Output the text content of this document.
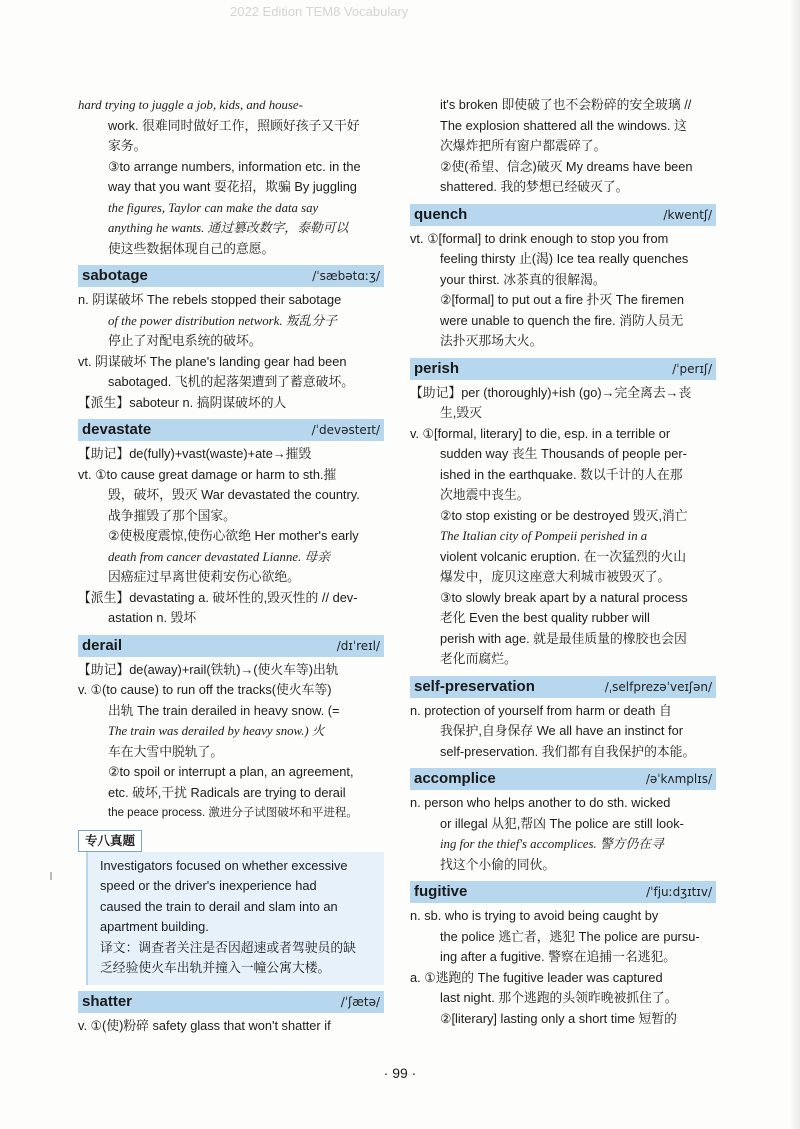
2022 Edition TEM8 Vocabulary
hard trying to juggle a job, kids, and house-
work. 很难同时做好工作，照顾好孩子又干好
家务。
③to arrange numbers, information etc. in the
way that you want 耍花招，欺骗 By juggling
the figures, Taylor can make the data say
anything he wants. 通过篡改数字，泰勒可以
使这些数据体现自己的意愿。
sabotage	/ˈsæbətɑːʒ/
n. 阴谋破坏 The rebels stopped their sabotage
of the power distribution network. 叛乱分子
停止了对配电系统的破坏。
vt. 阴谋破坏 The plane's landing gear had been
sabotaged. 飞机的起落架遭到了蓄意破坏。
【派生】saboteur n. 搞阴谋破坏的人
devastate	/ˈdevəsteɪt/
【助记】de(fully)+vast(waste)+ate→摧毁
vt. ①to cause great damage or harm to sth.摧
毁，破坏，毁灭 War devastated the country.
战争摧毁了那个国家。
②使极度震惊,使伤心欲绝 Her mother's early
death from cancer devastated Lianne. 母亲
因癌症过早离世使莉安伤心欲绝。
【派生】devastating a. 破坏性的,毁灭性的 // dev-
astation n. 毁坏
derail	/dɪˈreɪl/
【助记】de(away)+rail(铁轨)→(使火车等)出轨
v. ①(to cause) to run off the tracks(使火车等)
出轨 The train derailed in heavy snow. (=
The train was derailed by heavy snow.) 火
车在大雪中脱轨了。
②to spoil or interrupt a plan, an agreement,
etc. 破坏,干扰 Radicals are trying to derail
the peace process. 激进分子试图破坏和平进程。
专八真题
Investigators focused on whether excessive
speed or the driver's inexperience had
caused the train to derail and slam into an
apartment building.
译文：调查者关注是否因超速或者驾驶员的缺
乏经验使火车出轨并撞入一幢公寓大楼。
shatter	/ˈʃætə/
v. ①(使)粉碎 safety glass that won't shatter if
it's broken 即使破了也不会粉碎的安全玻璃 //
The explosion shattered all the windows. 这
次爆炸把所有窗户都震碎了。
②使(希望、信念)破灭 My dreams have been
shattered. 我的梦想已经破灭了。
quench	/kwentʃ/
vt. ①[formal] to drink enough to stop you from
feeling thirsty 止(渴) Ice tea really quenches
your thirst. 冰茶真的很解渴。
②[formal] to put out a fire 扑灭 The firemen
were unable to quench the fire. 消防人员无
法扑灭那场大火。
perish	/ˈperɪʃ/
【助记】per (thoroughly)+ish (go)→完全离去→丧
生,毁灭
v. ①[formal, literary] to die, esp. in a terrible or
sudden way 丧生 Thousands of people per-
ished in the earthquake. 数以千计的人在那
次地震中丧生。
②to stop existing or be destroyed 毁灭,消亡
The Italian city of Pompeii perished in a
violent volcanic eruption. 在一次猛烈的火山
爆发中，庞贝这座意大利城市被毁灭了。
③to slowly break apart by a natural process
老化 Even the best quality rubber will
perish with age. 就是最佳质量的橡胶也会因
老化而腐烂。
self-preservation	/ˌselfprezəˈveɪʃən/
n. protection of yourself from harm or death 自
我保护,自身保存 We all have an instinct for
self-preservation. 我们都有自我保护的本能。
accomplice	/əˈkʌmplɪs/
n. person who helps another to do sth. wicked
or illegal 从犯,帮凶 The police are still look-
ing for the thief's accomplices. 警方仍在寻
找这个小偷的同伙。
fugitive	/ˈfjuːdʒɪtɪv/
n. sb. who is trying to avoid being caught by
the police 逃亡者，逃犯 The police are pursu-
ing after a fugitive. 警察在追捕一名逃犯。
a. ①逃跑的 The fugitive leader was captured
last night. 那个逃跑的头领昨晚被抓住了。
②[literary] lasting only a short time 短暂的
· 99 ·
